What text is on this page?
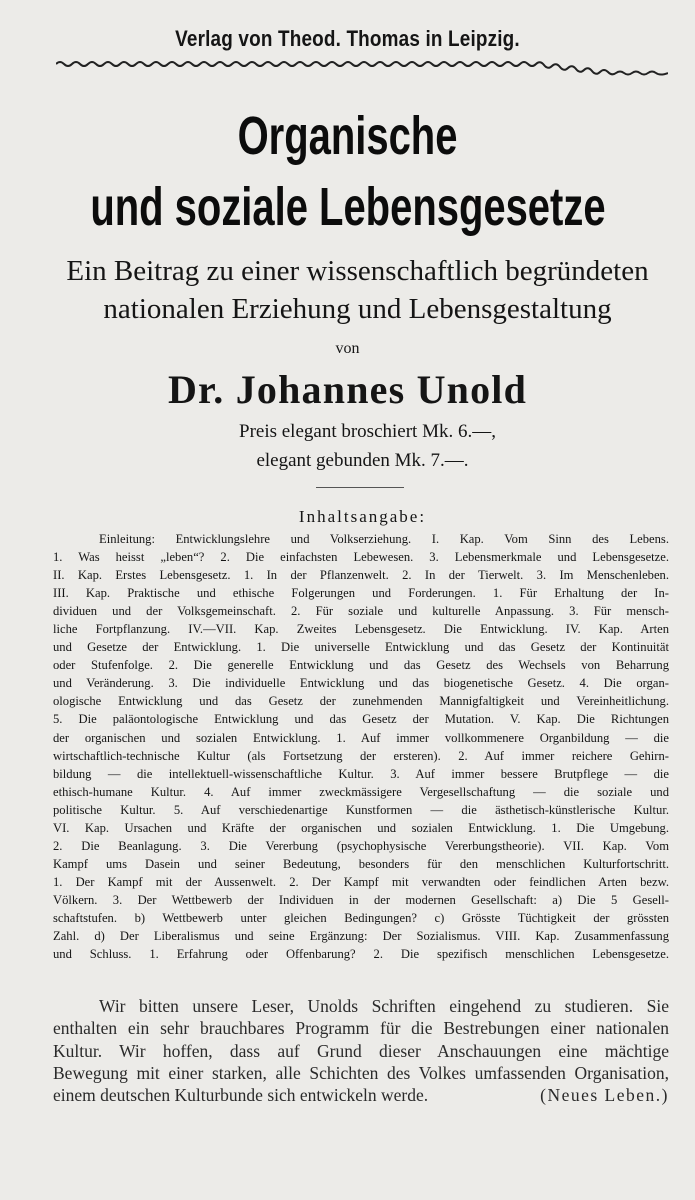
Verlag von Theod. Thomas in Leipzig.
Organische
und soziale Lebensgesetze
Ein Beitrag zu einer wissenschaftlich begründeten
nationalen Erziehung und Lebensgestaltung
von
Dr. Johannes Unold
Preis elegant broschiert Mk. 6.—,
elegant gebunden Mk. 7.—.
Inhaltsangabe:
Einleitung: Entwicklungslehre und Volkserziehung. I. Kap. Vom Sinn des Lebens.
1. Was heisst „leben“? 2. Die einfachsten Lebewesen. 3. Lebensmerkmale und Lebensgesetze.
II. Kap. Erstes Lebensgesetz. 1. In der Pflanzenwelt. 2. In der Tierwelt. 3. Im Menschenleben.
III. Kap. Praktische und ethische Folgerungen und Forderungen. 1. Für Erhaltung der In-
dividuen und der Volksgemeinschaft. 2. Für soziale und kulturelle Anpassung. 3. Für mensch-
liche Fortpflanzung. IV.—VII. Kap. Zweites Lebensgesetz. Die Entwicklung. IV. Kap. Arten
und Gesetze der Entwicklung. 1. Die universelle Entwicklung und das Gesetz der Kontinuität
oder Stufenfolge. 2. Die generelle Entwicklung und das Gesetz des Wechsels von Beharrung
und Veränderung. 3. Die individuelle Entwicklung und das biogenetische Gesetz. 4. Die organ-
ologische Entwicklung und das Gesetz der zunehmenden Mannigfaltigkeit und Vereinheitlichung.
5. Die paläontologische Entwicklung und das Gesetz der Mutation. V. Kap. Die Richtungen
der organischen und sozialen Entwicklung. 1. Auf immer vollkommenere Organbildung — die
wirtschaftlich-technische Kultur (als Fortsetzung der ersteren). 2. Auf immer reichere Gehirn-
bildung — die intellektuell-wissenschaftliche Kultur. 3. Auf immer bessere Brutpflege — die
ethisch-humane Kultur. 4. Auf immer zweckmässigere Vergesellschaftung — die soziale und
politische Kultur. 5. Auf verschiedenartige Kunstformen — die ästhetisch-künstlerische Kultur.
VI. Kap. Ursachen und Kräfte der organischen und sozialen Entwicklung. 1. Die Umgebung.
2. Die Beanlagung. 3. Die Vererbung (psychophysische Vererbungstheorie). VII. Kap. Vom
Kampf ums Dasein und seiner Bedeutung, besonders für den menschlichen Kulturfortschritt.
1. Der Kampf mit der Aussenwelt. 2. Der Kampf mit verwandten oder feindlichen Arten bezw.
Völkern. 3. Der Wettbewerb der Individuen in der modernen Gesellschaft: a) Die 5 Gesell-
schaftstufen. b) Wettbewerb unter gleichen Bedingungen? c) Grösste Tüchtigkeit der grössten
Zahl. d) Der Liberalismus und seine Ergänzung: Der Sozialismus. VIII. Kap. Zusammenfassung
und Schluss. 1. Erfahrung oder Offenbarung? 2. Die spezifisch menschlichen Lebensgesetze.
Wir bitten unsere Leser, Unolds Schriften eingehend zu studieren. Sie
enthalten ein sehr brauchbares Programm für die Bestrebungen einer nationalen
Kultur. Wir hoffen, dass auf Grund dieser Anschauungen eine mächtige
Bewegung mit einer starken, alle Schichten des Volkes umfassenden Organisation,
einem deutschen Kulturbunde sich entwickeln werde.	(Neues Leben.)
